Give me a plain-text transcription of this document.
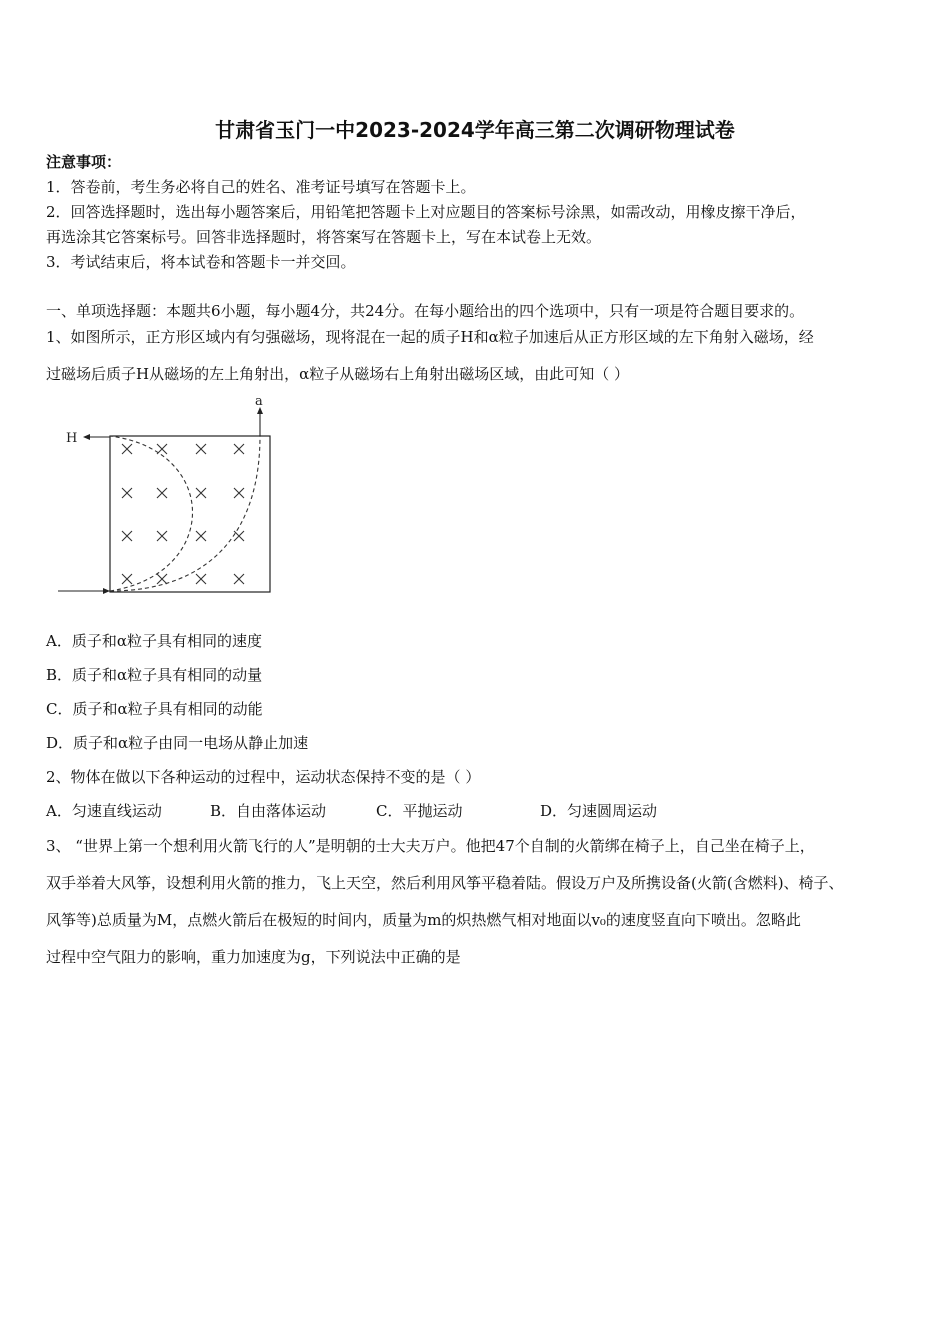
甘肃省玉门一中2023-2024学年高三第二次调研物理试卷
注意事项：
1．答卷前，考生务必将自己的姓名、准考证号填写在答题卡上。
2．回答选择题时，选出每小题答案后，用铅笔把答题卡上对应题目的答案标号涂黑，如需改动，用橡皮擦干净后，
再选涂其它答案标号。回答非选择题时，将答案写在答题卡上，写在本试卷上无效。
3．考试结束后，将本试卷和答题卡一并交回。
一、单项选择题：本题共6小题，每小题4分，共24分。在每小题给出的四个选项中，只有一项是符合题目要求的。
1、如图所示，正方形区域内有匀强磁场，现将混在一起的质子H和α粒子加速后从正方形区域的左下角射入磁场，经
过磁场后质子H从磁场的左上角射出，α粒子从磁场右上角射出磁场区域，由此可知（ ）
H
a
A．质子和α粒子具有相同的速度
B．质子和α粒子具有相同的动量
C．质子和α粒子具有相同的动能
D．质子和α粒子由同一电场从静止加速
2、物体在做以下各种运动的过程中，运动状态保持不变的是（ ）
A．匀速直线运动	B．自由落体运动	C．平抛运动	D．匀速圆周运动
3、 “世界上第一个想利用火箭飞行的人”是明朝的士大夫万户。他把47个自制的火箭绑在椅子上，自己坐在椅子上，
双手举着大风筝，设想利用火箭的推力，飞上天空，然后利用风筝平稳着陆。假设万户及所携设备(火箭(含燃料)、椅子、
风筝等)总质量为M，点燃火箭后在极短的时间内，质量为m的炽热燃气相对地面以v₀的速度竖直向下喷出。忽略此
过程中空气阻力的影响，重力加速度为g，下列说法中正确的是
